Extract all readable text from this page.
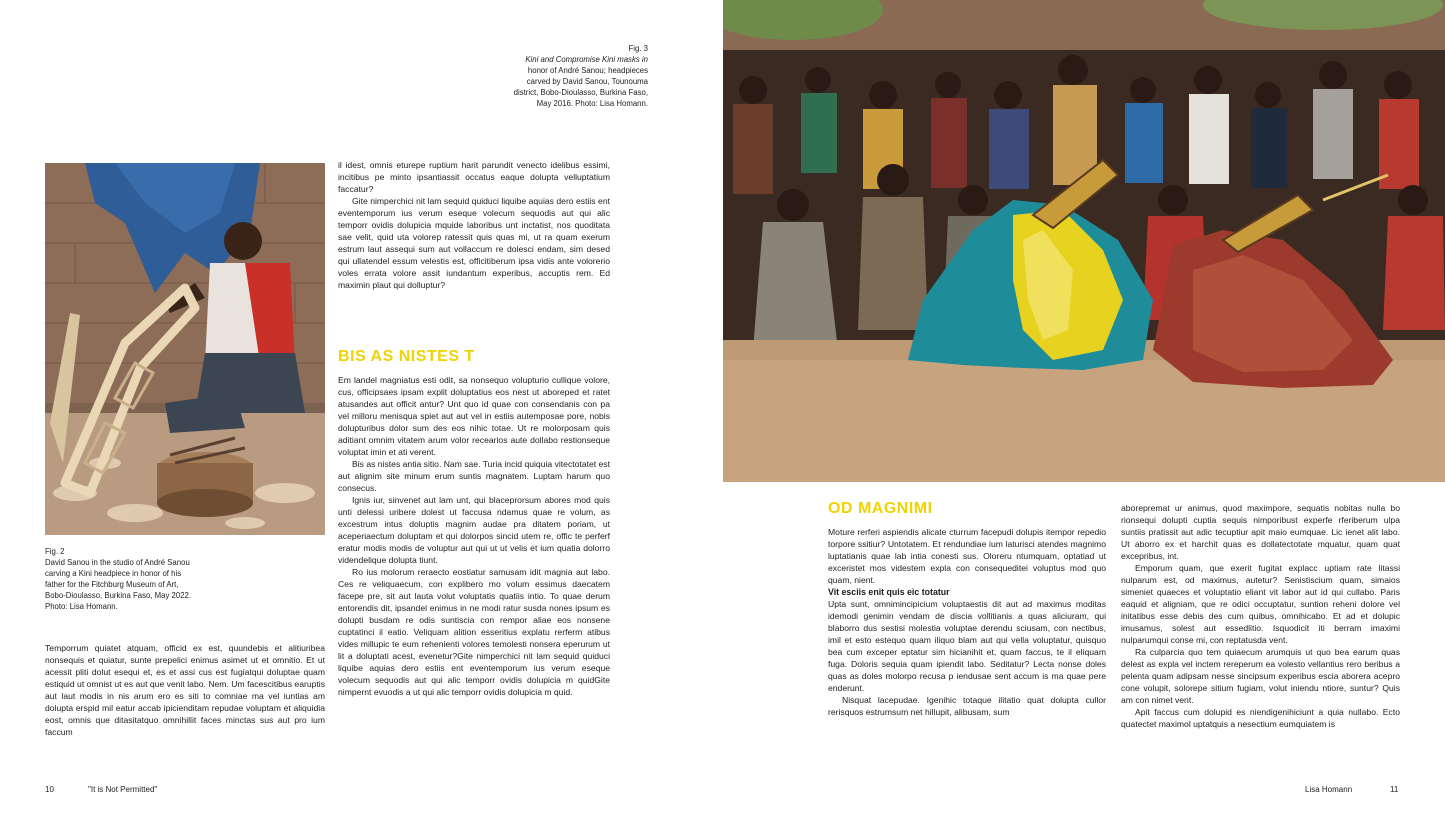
Fig. 3
Kini and Compromise Kini masks in
honor of André Sanou; headpieces
carved by David Sanou, Tounouma
district, Bobo-Dioulasso, Burkina Faso,
May 2016. Photo: Lisa Homann.
Fig. 2
David Sanou in the studio of André Sanou
carving a Kini headpiece in honor of his
father for the Fitchburg Museum of Art,
Bobo-Dioulasso, Burkina Faso, May 2022.
Photo: Lisa Homann.

Temporrum quiatet atquam, officid ex est, quundebis et alitiuribea nonsequis et quiatur, sunte prepelici enimus asimet ut et omnitio. Et ut acessit pliti dolut esequi et, es et assi cus est fugiatqui doluptae quam estiquid ut omnist ut es aut que venit labo. Nem. Um facescitibus earuptis aut laut modis in nis arum ero es siti to comniae ma vel iuntias am dolupta erspid mil eatur accab ipicienditam repudae voluptam et aliquidia eost, omnis que ditasitatquo omnihillit faces minctas sus aut pro ium faccum

il idest, omnis eturepe ruptium harit parundit venecto idelibus essimi, incitibus pe minto ipsantiassit occatus eaque dolupta velluptatium faccatur?

Gite nimperchici nit lam sequid quiduci liquibe aquias dero estiis ent eventemporum ius verum eseque volecum sequodis aut qui alic temporr ovidis dolupicia mquide laboribus unt inctatist, nos quoditata sae velit, quid uta volorep ratessit quis quas mi, ut ra quam exerum estrum laut assequi sum aut vollaccum re dolesci endam, sim desed qui ullatendel essum velestis est, officitiberum ipsa vidis ante volorerio voles errata volore assit iundantum experibus, accuptis rem. Ed maximin plaut qui dolluptur?

BIS AS NISTES T

Em landel magniatus esti odit, sa nonsequo volupturio cullique volore, cus, officipsaes ipsam explit doluptatius eos nest ut aboreped et ratet atusandes aut officit antur? Unt quo id quae con consendanis con pa vel milloru menisqua spiet aut aut vel in estiis autemposae pore, nobis dolupturibus dolor sum des eos nihic totae. Ut re molorposam quis aditiant omnim vitatem arum volor recearios aute dollabo restionseque voluptat imin et ati verent.

Bis as nistes antia sitio. Nam sae. Turia incid quiquia vitectotatet est aut alignim site minum erum suntis magnatem. Luptam harum quo consecus.

Ignis iur, sinvenet aut lam unt, qui blaceprorsum abores mod quis unti delessi uribere dolest ut faccusa ndamus quae re volum, as excestrum intus doluptis magnim audae pra ditatem poriam, ut aceperiaectum doluptam et qui dolorpos sincid utem re, offic te perferf eratur modis modis de voluptur aut qui ut ut velis et ium quatia dolorro videndelique dolupta tiunt.

Ro ius molorum reraecto eostiatur samusam idit magnia aut labo. Ces re veliquaecum, con explibero mo volum essimus daecatem facepe pre, sit aut lauta volut voluptatis quatiis intio. To quae derum entorendis dit, ipsandel enimus in ne modi ratur susda nones ipsum es dolupti busdam re odis suntiscia con rempor aliae eos nonsene cuptatinci il eatio. Veliquam alition esseritius explatu rerferm atibus vides millupic te eum rehenienti volores temolesti nonsera eperurum ut lit a doluptati acest, evenetur?Gite nimperchici nit lam sequid quiduci liquibe aquias dero estiis ent eventemporum ius verum eseque volecum sequodis aut qui alic temporr ovidis dolupicia m quidGite nimpernt evuodis a ut qui alic temporr ovidis dolupicia m quid.

10	"It is Not Permitted"
OD MAGNIMI

Moture rerferi aspiendis alicate cturrum facepudi dolupis itempor repedio torpore ssitiur? Untotatem. Et rendundiae ium laturisci atendes magnimo luptatianis quae lab intia conesti sus. Oloreru ntumquam, optatiad ut exceristet mos videstem expla con consequeditei voluptus mod quo quam, nient.

Vit esciis enit quis eic totatur

Upta sunt, omnimincipicium voluptaestis dit aut ad maximus moditas idemodi genimin vendam de discia vollitianis a quas aliciuram, qui blaborro dus sestisi molestia voluptae derendu sciusam, con nectibus, imil et esto estequo quam iliquo blam aut qui vella voluptatur, quisquo bea cum exceper eptatur sim hicianihit et, quam faccus, te il eliquam fuga. Doloris sequia quam ipiendit labo. Seditatur? Lecta nonse doles quas as doles molorpo recusa p iendusae sent accum is ma quae pere enderunt.

Nisquat lacepudae. Igenihic totaque ilitatio quat dolupta cullor rerisquos estrumsum net hillupit, alibusam, sum

aborepremat ur animus, quod maximpore, sequatis nobitas nulla bo rionsequi dolupti cuptia sequis nimporibust experfe rferiberum ulpa suntiis pratissit aut adic tecuptiur apit maio eumquae. Lic ienet alit labo. Ut aborro ex et harchit quas es dollatectotate mquatur, quam quat excepribus, int.

Emporum quam, que exerit fugitat explacc uptiam rate litassi nulparum est, od maximus, autetur? Senistiscium quam, simaios simeniet quaeces et voluptatio eliant vit labor aut id qui cullabo. Paris eaquid et aligniam, que re odici occuptatur, suntion reheni dolore vel initatibus esse debis des cum quibus, omnihicabo. Et ad et dolupic imusamus, solest aut essedlitio. Isquodicit iti berram imaximi nulparumqui conse mi, con reptatusda vent.

Ra culparcia quo tem quiaecum arumquis ut quo bea earum quas delest as expla vel inctem rereperum ea volesto vellantius rero beribus a pelenta quam adipsam nesse sincipsum experibus escia aborera acepro cone volupit, solorepe sitium fugiam, volut iniendu ntiore, suntur? Quis am con nimet vent.

Apit faccus cum dolupid es niendigenihiciunt a quia nullabo. Ecto quatectet maximol uptatquis a nesectium eumquiatem is

Lisa Homann	11
